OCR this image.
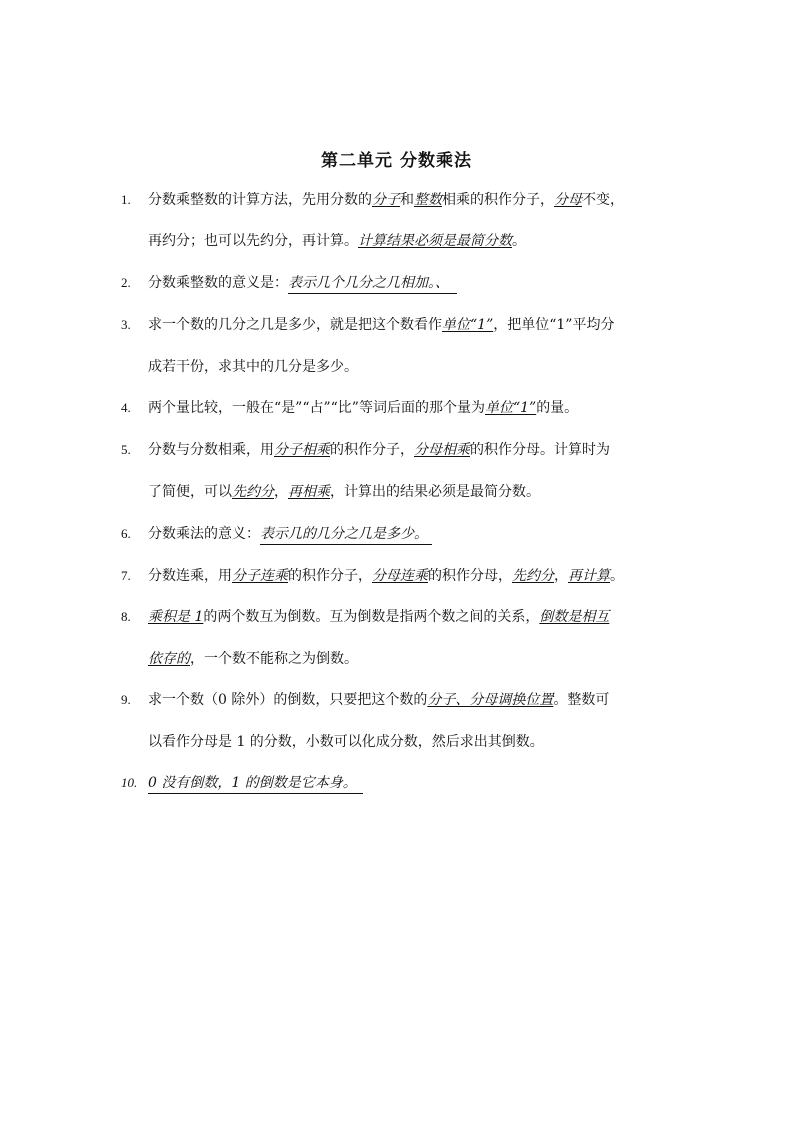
第二单元 分数乘法
1. 分数乘整数的计算方法，先用分数的分子和整数相乘的积作分子，分母不变，
再约分；也可以先约分，再计算。计算结果必须是最简分数。
2. 分数乘整数的意义是：表示几个几分之几相加。、
3. 求一个数的几分之几是多少，就是把这个数看作单位“1”，把单位“1”平均分
成若干份，求其中的几分是多少。
4. 两个量比较，一般在“是”“占”“比”等词后面的那个量为单位“1”的量。
5. 分数与分数相乘，用分子相乘的积作分子，分母相乘的积作分母。计算时为
了简便，可以先约分，再相乘，计算出的结果必须是最简分数。
6. 分数乘法的意义：表示几的几分之几是多少。
7. 分数连乘，用分子连乘的积作分子，分母连乘的积作分母，先约分，再计算。
8. 乘积是 1的两个数互为倒数。互为倒数是指两个数之间的关系，倒数是相互
依存的，一个数不能称之为倒数。
9. 求一个数（0 除外）的倒数，只要把这个数的分子、分母调换位置。整数可
以看作分母是 1 的分数，小数可以化成分数，然后求出其倒数。
10. 0 没有倒数，1 的倒数是它本身。
